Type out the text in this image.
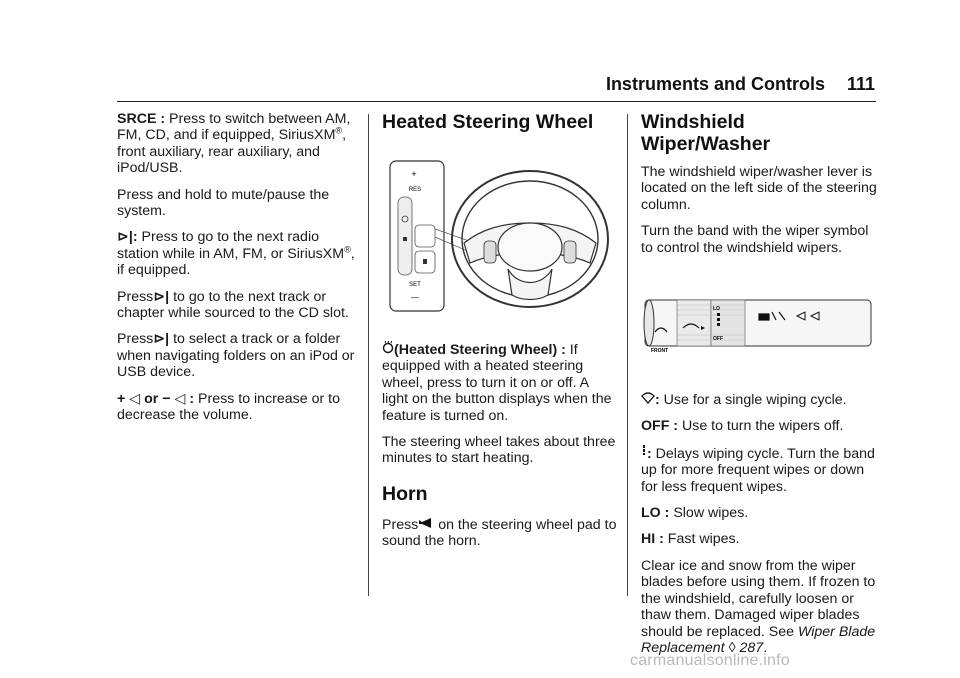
Instruments and Controls 111

SRCE : Press to switch between AM, FM, CD, and if equipped, SiriusXM®, front auxiliary, rear auxiliary, and iPod/USB.

Press and hold to mute/pause the system.

⊳|: Press to go to the next radio station while in AM, FM, or SiriusXM®, if equipped.

Press⊳| to go to the next track or chapter while sourced to the CD slot.

Press⊳| to select a track or a folder when navigating folders on an iPod or USB device.

+ ◁ or − ◁ : Press to increase or to decrease the volume.

Heated Steering Wheel
+
RES
SET
—

(Heated Steering Wheel) : If equipped with a heated steering wheel, press to turn it on or off. A light on the button displays when the feature is turned on.

The steering wheel takes about three minutes to start heating.

Horn

Press on the steering wheel pad to sound the horn.

Windshield Wiper/Washer

The windshield wiper/washer lever is located on the left side of the steering column.

Turn the band with the wiper symbol to control the windshield wipers.

LO
OFF
FRONT

: Use for a single wiping cycle.

OFF : Use to turn the wipers off.

: Delays wiping cycle. Turn the band up for more frequent wipes or down for less frequent wipes.

LO : Slow wipes.

HI : Fast wipes.

Clear ice and snow from the wiper blades before using them. If frozen to the windshield, carefully loosen or thaw them. Damaged wiper blades should be replaced. See Wiper Blade Replacement ◊ 287.

carmanualsonline.info
